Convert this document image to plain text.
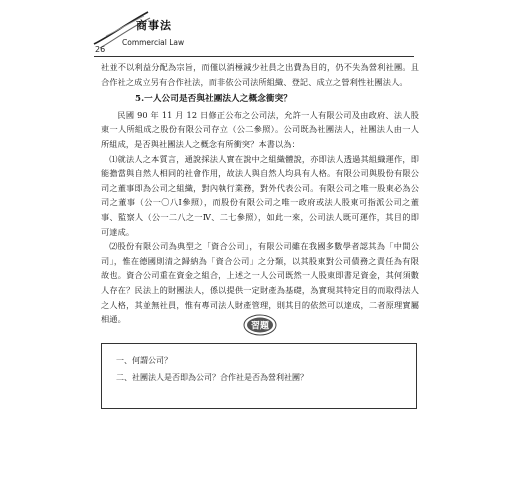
商事法
Commercial Law
26

社並不以利益分配為宗旨，而僅以消極減少社員之出費為目的，仍不失為營利社團。且合作社之成立另有合作社法，而非依公司法所組織、登記、成立之營利性社團法人。

5.一人公司是否與社團法人之概念衝突？

民國 90 年 11 月 12 日修正公布之公司法，允許一人有限公司及由政府、法人股東一人所組成之股份有限公司存立（公二參照）。公司既為社團法人，社團法人由一人所組成，是否與社團法人之概念有所衝突？本書以為：

⑴就法人之本質言，通說採法人實在說中之組織體說，亦即法人透過其組織運作，即能擔當與自然人相同的社會作用，故法人與自然人均具有人格。有限公司與股份有限公司之董事即為公司之組織，對內執行業務，對外代表公司。有限公司之唯一股東必為公司之董事（公一〇八Ⅰ參照），而股份有限公司之唯一政府或法人股東可指派公司之董事、監察人（公一二八之一Ⅳ、二七參照），如此一來，公司法人既可運作，其目的即可達成。

⑵股份有限公司為典型之「資合公司」，有限公司雖在我國多數學者認其為「中間公司」，惟在德國則清之歸納為「資合公司」之分類，以其股東對公司債務之責任為有限故也。資合公司重在資金之組合，上述之一人公司既然一人股東即書足資金，其何須數人存在？民法上的財團法人，係以提供一定財產為基礎，為實現其特定目的而取得法人之人格，其並無社員，惟有專司法人財產管理，則其目的依然可以達成，二者原理實屬相通。

習題
一、何謂公司？
二、社團法人是否即為公司？合作社是否為營利社團？
